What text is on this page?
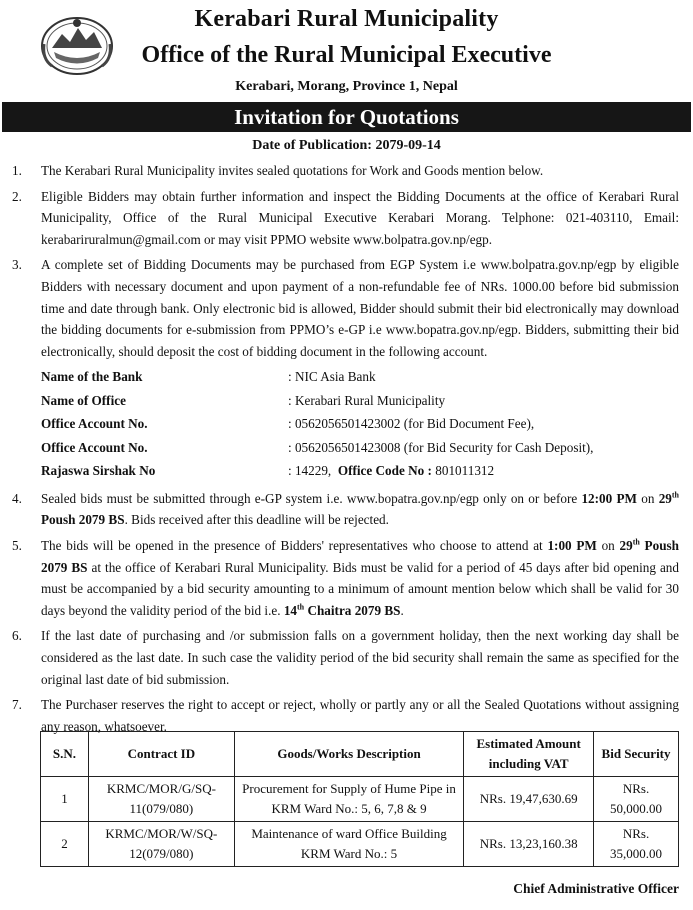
Kerabari Rural Municipality
Office of the Rural Municipal Executive
Kerabari, Morang, Province 1, Nepal
Invitation for Quotations
Date of Publication: 2079-09-14
1. The Kerabari Rural Municipality invites sealed quotations for Work and Goods mention below.
2. Eligible Bidders may obtain further information and inspect the Bidding Documents at the office of Kerabari Rural Municipality, Office of the Rural Municipal Executive Kerabari Morang. Telphone: 021-403110, Email: kerabariruralmun@gmail.com or may visit PPMO website www.bolpatra.gov.np/egp.
3. A complete set of Bidding Documents may be purchased from EGP System i.e www.bolpatra.gov.np/egp by eligible Bidders with necessary document and upon payment of a non-refundable fee of NRs. 1000.00 before bid submission time and date through bank. Only electronic bid is allowed, Bidder should submit their bid electronically may download the bidding documents for e-submission from PPMO’s e-GP i.e www.bopatra.gov.np/egp. Bidders, submitting their bid electronically, should deposit the cost of bidding document in the following account.
Name of the Bank	: NIC Asia Bank
Name of Office	: Kerabari Rural Municipality
Office Account No.	: 0562056501423002 (for Bid Document Fee),
Office Account No.	: 0562056501423008 (for Bid Security for Cash Deposit),
Rajaswa Sirshak No	: 14229, Office Code No : 801011312
4. Sealed bids must be submitted through e-GP system i.e. www.bopatra.gov.np/egp only on or before 12:00 PM on 29th Poush 2079 BS. Bids received after this deadline will be rejected.
5. The bids will be opened in the presence of Bidders' representatives who choose to attend at 1:00 PM on 29th Poush 2079 BS at the office of Kerabari Rural Municipality. Bids must be valid for a period of 45 days after bid opening and must be accompanied by a bid security amounting to a minimum of amount mention below which shall be valid for 30 days beyond the validity period of the bid i.e. 14th Chaitra 2079 BS.
6. If the last date of purchasing and /or submission falls on a government holiday, then the next working day shall be considered as the last date. In such case the validity period of the bid security shall remain the same as specified for the original last date of bid submission.
7. The Purchaser reserves the right to accept or reject, wholly or partly any or all the Sealed Quotations without assigning any reason, whatsoever.
S.N.	Contract ID	Goods/Works Description	Estimated Amount including VAT	Bid Security
1	KRMC/MOR/G/SQ-11(079/080)	Procurement for Supply of Hume Pipe in KRM Ward No.: 5, 6, 7,8 & 9	NRs. 19,47,630.69	NRs. 50,000.00
2	KRMC/MOR/W/SQ-12(079/080)	Maintenance of ward Office Building KRM Ward No.: 5	NRs. 13,23,160.38	NRs. 35,000.00
Chief Administrative Officer
